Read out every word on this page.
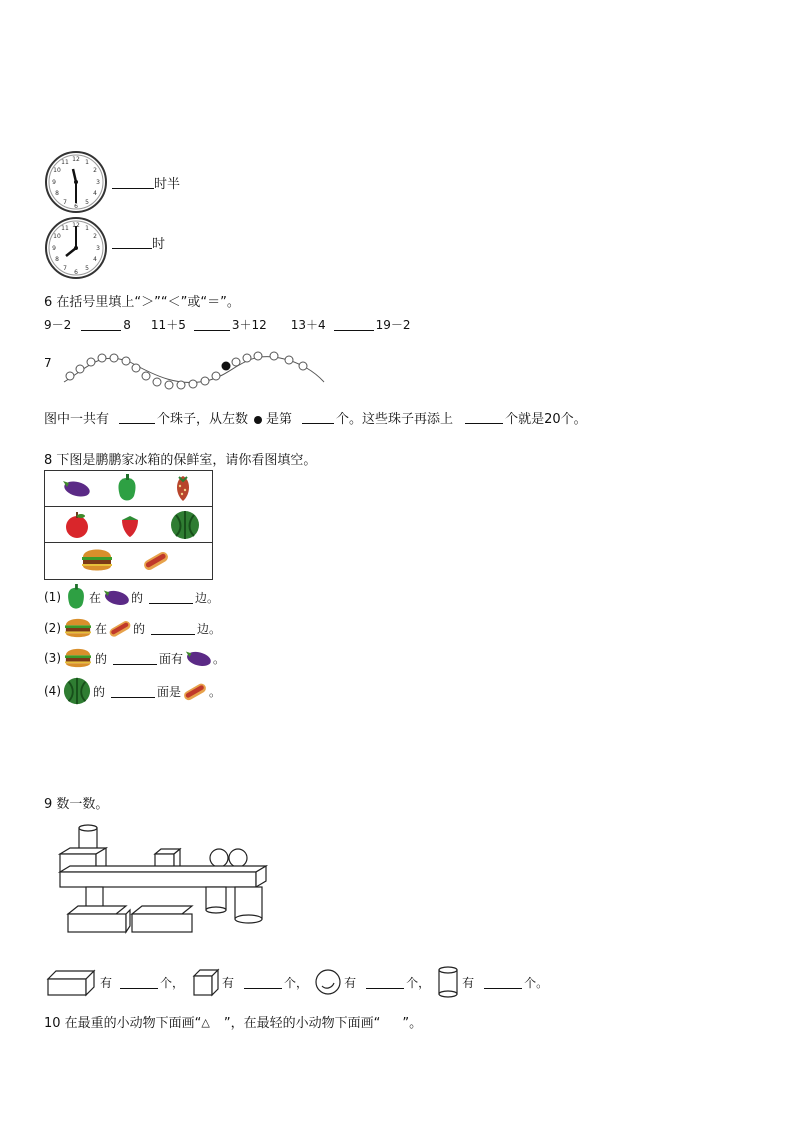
12 1
2
3
4
5
6
7
8
9
10
11
时半
12 1
2
3
4
5
6
7
8
9
10
11
时
6 在括号里填上“＞”“＜”或“＝”。
9－2	8 11＋5	3＋12 13＋4	19－2
7
图中一共有	个珠子，从左数 是第	个。这些珠子再添上	个就是20个。
8 下图是鹏鹏家冰箱的保鲜室，请你看图填空。
(1) 在	的	边。
(2)	在 的	边。
(3)	的	面有	。
(4)	的	面是 。
9 数一数。
有	个，	有	个，	有	个，	有	个。
10 在最重的小动物下面画“ △ ”，在最轻的小动物下面画“ ”。
